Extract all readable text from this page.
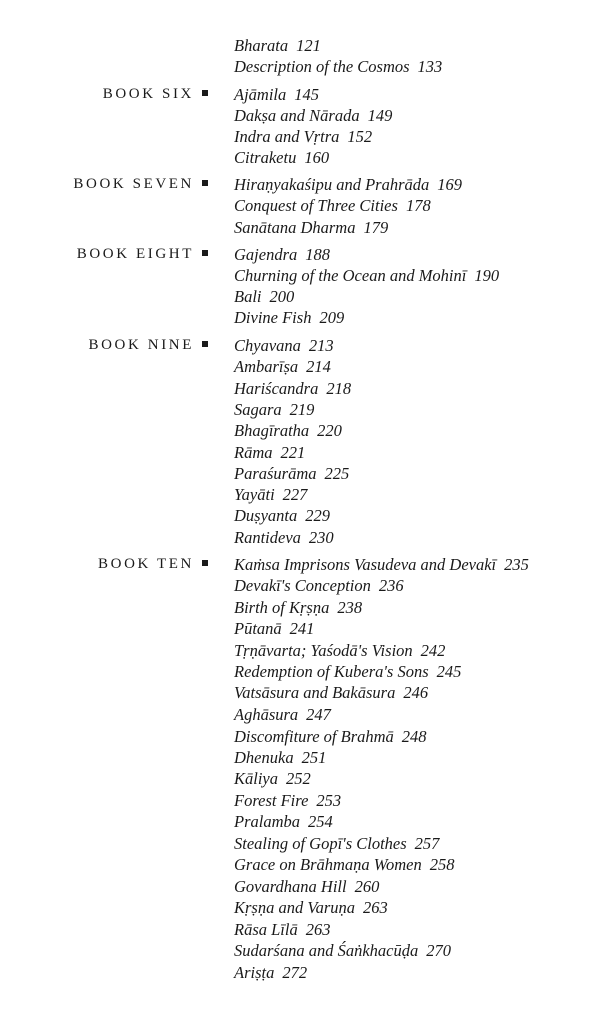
BOOK SIX
BOOK SEVEN
BOOK EIGHT
BOOK NINE
BOOK TEN
Bharata 121
Description of the Cosmos 133
Ajāmila 145
Dakṣa and Nārada 149
Indra and Vṛtra 152
Citraketu 160
Hiraṇyakaśipu and Prahrāda 169
Conquest of Three Cities 178
Sanātana Dharma 179
Gajendra 188
Churning of the Ocean and Mohinī 190
Bali 200
Divine Fish 209
Chyavana 213
Ambarīṣa 214
Hariścandra 218
Sagara 219
Bhagīratha 220
Rāma 221
Paraśurāma 225
Yayāti 227
Duṣyanta 229
Rantideva 230
Kaṁsa Imprisons Vasudeva and Devakī 235
Devakī's Conception 236
Birth of Kṛṣṇa 238
Pūtanā 241
Tṛṇāvarta; Yaśodā's Vision 242
Redemption of Kubera's Sons 245
Vatsāsura and Bakāsura 246
Aghāsura 247
Discomfiture of Brahmā 248
Dhenuka 251
Kāliya 252
Forest Fire 253
Pralamba 254
Stealing of Gopī's Clothes 257
Grace on Brāhmaṇa Women 258
Govardhana Hill 260
Kṛṣṇa and Varuṇa 263
Rāsa Līlā 263
Sudarśana and Śaṅkhacūḍa 270
Ariṣṭa 272
